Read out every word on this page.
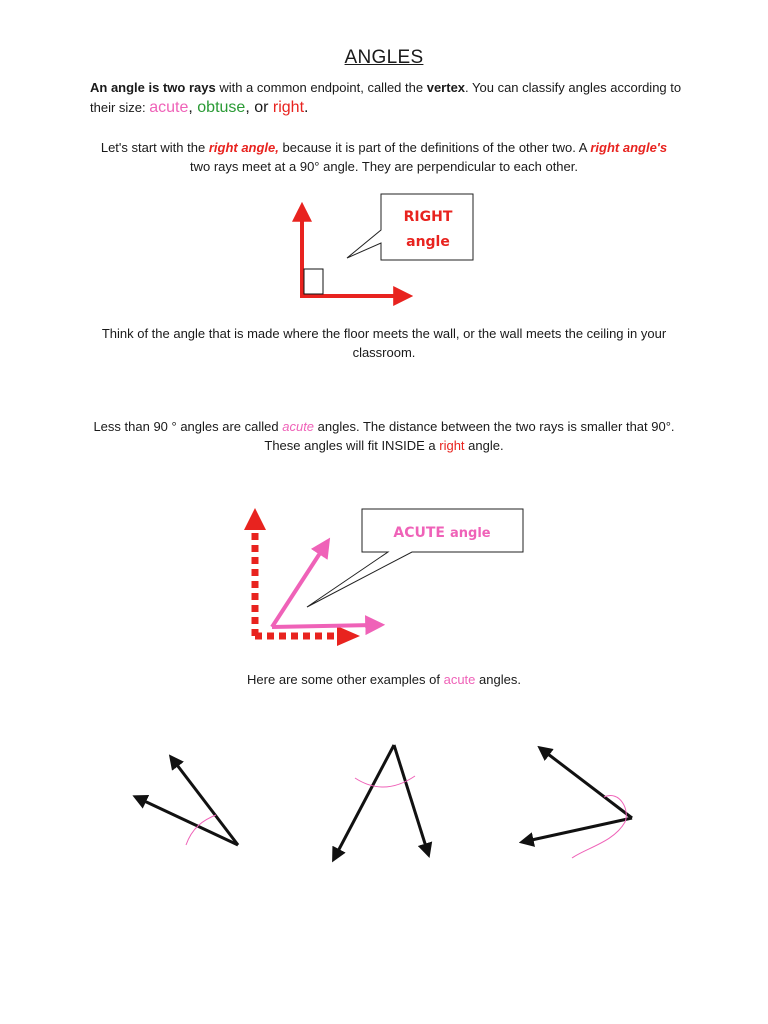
ANGLES
An angle is two rays with a common endpoint, called the vertex. You can classify angles according to their size: acute, obtuse, or right.
Let's start with the right angle, because it is part of the definitions of the other two. A right angle's two rays meet at a 90° angle. They are perpendicular to each other.
Think of the angle that is made where the floor meets the wall, or the wall meets the ceiling in your classroom.
Less than 90 ° angles are called acute angles. The distance between the two rays is smaller that 90°. These angles will fit INSIDE a right angle.
Here are some other examples of acute angles.
RIGHT
angle
ACUTE angle
